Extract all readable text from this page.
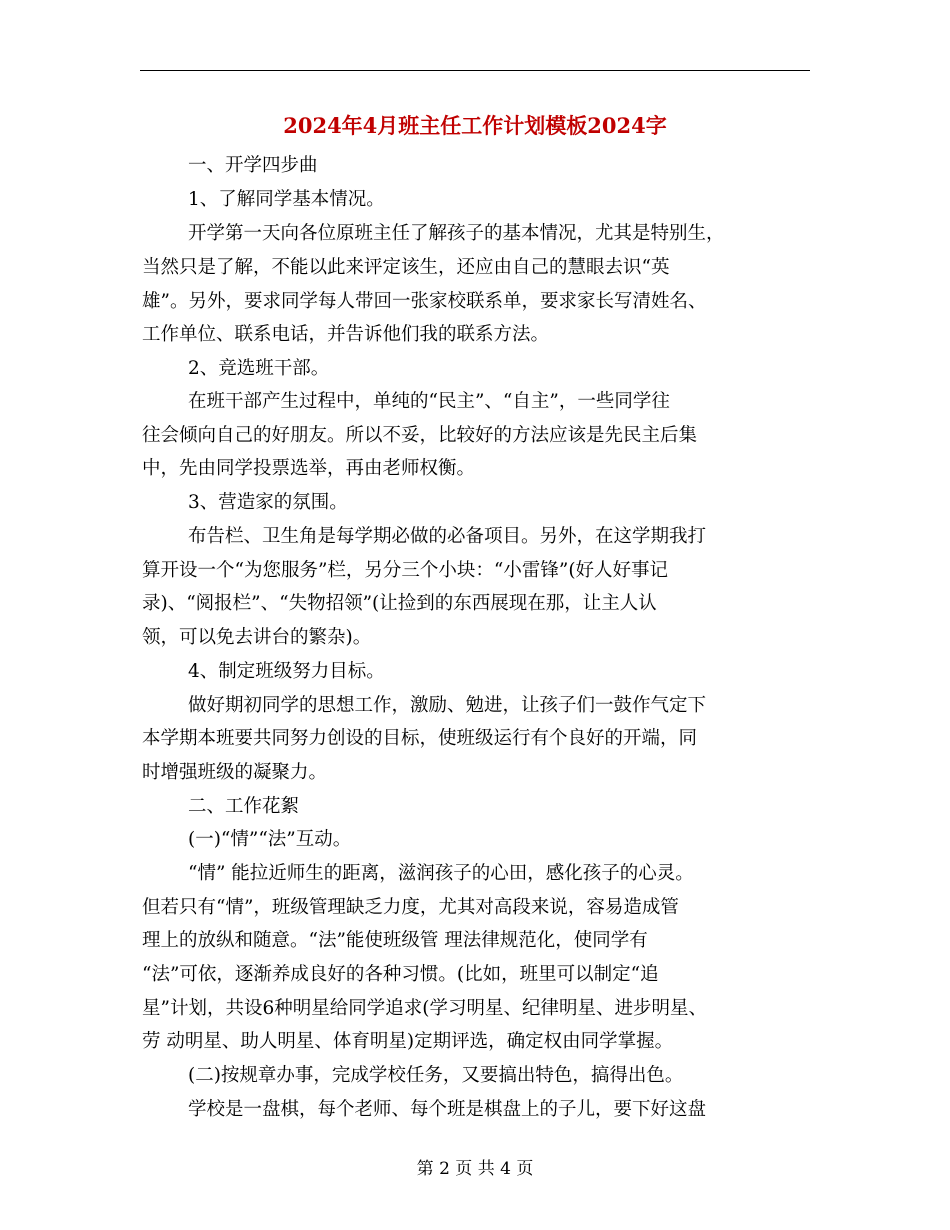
2024年4月班主任工作计划模板2024字
一、开学四步曲
1、了解同学基本情况。
开学第一天向各位原班主任了解孩子的基本情况，尤其是特别生，
当然只是了解，不能以此来评定该生，还应由自己的慧眼去识“英
雄”。另外，要求同学每人带回一张家校联系单，要求家长写清姓名、
工作单位、联系电话，并告诉他们我的联系方法。
2、竞选班干部。
在班干部产生过程中，单纯的“民主”、“自主”，一些同学往
往会倾向自己的好朋友。所以不妥，比较好的方法应该是先民主后集
中，先由同学投票选举，再由老师权衡。
3、营造家的氛围。
布告栏、卫生角是每学期必做的必备项目。另外，在这学期我打
算开设一个“为您服务”栏，另分三个小块：“小雷锋”(好人好事记
录)、“阅报栏”、“失物招领”(让捡到的东西展现在那，让主人认
领，可以免去讲台的繁杂)。
4、制定班级努力目标。
做好期初同学的思想工作，激励、勉进，让孩子们一鼓作气定下
本学期本班要共同努力创设的目标，使班级运行有个良好的开端，同
时增强班级的凝聚力。
二、工作花絮
(一)“情”“法”互动。
“情” 能拉近师生的距离，滋润孩子的心田，感化孩子的心灵。
但若只有“情”，班级管理缺乏力度，尤其对高段来说，容易造成管
理上的放纵和随意。“法”能使班级管 理法律规范化，使同学有
“法”可依，逐渐养成良好的各种习惯。(比如，班里可以制定“追
星”计划，共设6种明星给同学追求(学习明星、纪律明星、进步明星、
劳 动明星、助人明星、体育明星)定期评选，确定权由同学掌握。
(二)按规章办事，完成学校任务，又要搞出特色，搞得出色。
学校是一盘棋，每个老师、每个班是棋盘上的子儿，要下好这盘
第 2 页 共 4 页
